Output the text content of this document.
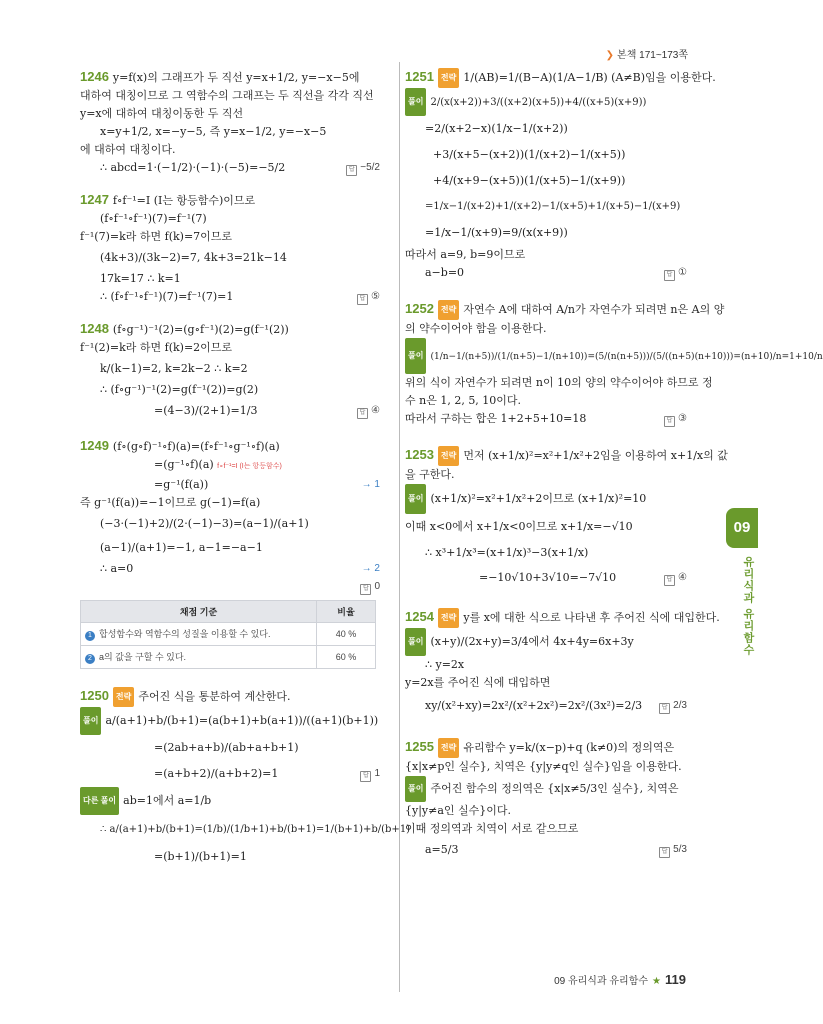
❯ 본책 171~173쪽
1246 y=f(x)의 그래프가 두 직선 y=x+1/2, y=−x−5에
대하여 대칭이므로 그 역함수의 그래프는 두 직선을 각각 직선
y=x에 대하여 대칭이동한 두 직선
x=y+1/2, x=−y−5, 즉 y=x−1/2, y=−x−5
에 대하여 대칭이다.
∴ abcd=1·(−1/2)·(−1)·(−5)=−5/2	답 −5/2
1247 f∘f⁻¹=I (I는 항등함수)이므로
(f∘f⁻¹∘f⁻¹)(7)=f⁻¹(7)
f⁻¹(7)=k라 하면 f(k)=7이므로
(4k+3)/(3k−2)=7, 4k+3=21k−14
17k=17 ∴ k=1
∴ (f∘f⁻¹∘f⁻¹)(7)=f⁻¹(7)=1	답 ⑤
1248 (f∘g⁻¹)⁻¹(2)=(g∘f⁻¹)(2)=g(f⁻¹(2))
f⁻¹(2)=k라 하면 f(k)=2이므로
k/(k−1)=2, k=2k−2 ∴ k=2
∴ (f∘g⁻¹)⁻¹(2)=g(f⁻¹(2))=g(2)
=(4−3)/(2+1)=1/3	답 ④
1249 (f∘(g∘f)⁻¹∘f)(a)=(f∘f⁻¹∘g⁻¹∘f)(a)
=(g⁻¹∘f)(a) f∘f⁻¹=I (I는 항등함수)
=g⁻¹(f(a))	→ 1
즉 g⁻¹(f(a))=−1이므로 g(−1)=f(a)
(−3·(−1)+2)/(2·(−1)−3)=(a−1)/(a+1)
(a−1)/(a+1)=−1, a−1=−a−1
∴ a=0	→ 2
답 0
채점 기준	비율
1 합성함수와 역함수의 성질을 이용할 수 있다.	40 %
2 a의 값을 구할 수 있다.	60 %
1250 전략 주어진 식을 통분하여 계산한다.
풀이 a/(a+1)+b/(b+1)=(a(b+1)+b(a+1))/((a+1)(b+1))
=(2ab+a+b)/(ab+a+b+1)
=(a+b+2)/(a+b+2)=1	답 1
다른 풀이 ab=1에서 a=1/b
∴ a/(a+1)+b/(b+1)=(1/b)/(1/b+1)+b/(b+1)=1/(b+1)+b/(b+1)
=(b+1)/(b+1)=1
1251 전략 1/(AB)=1/(B−A)(1/A−1/B) (A≠B)임을 이용한다.
풀이 2/(x(x+2))+3/((x+2)(x+5))+4/((x+5)(x+9))
=2/(x+2−x)(1/x−1/(x+2))
+3/(x+5−(x+2))(1/(x+2)−1/(x+5))
+4/(x+9−(x+5))(1/(x+5)−1/(x+9))
=1/x−1/(x+2)+1/(x+2)−1/(x+5)+1/(x+5)−1/(x+9)
=1/x−1/(x+9)=9/(x(x+9))
따라서 a=9, b=9이므로
a−b=0	답 ①
1252 전략 자연수 A에 대하여 A/n가 자연수가 되려면 n은 A의 양
의 약수이어야 함을 이용한다.
풀이 (1/n−1/(n+5))/(1/(n+5)−1/(n+10))=(5/(n(n+5)))/(5/((n+5)(n+10)))=(n+10)/n=1+10/n
위의 식이 자연수가 되려면 n이 10의 양의 약수이어야 하므로 정
수 n은 1, 2, 5, 10이다.
따라서 구하는 합은 1+2+5+10=18	답 ③
1253 전략 먼저 (x+1/x)²=x²+1/x²+2임을 이용하여 x+1/x의 값
을 구한다.
풀이 (x+1/x)²=x²+1/x²+2이므로 (x+1/x)²=10
이때 x<0에서 x+1/x<0이므로 x+1/x=−√10
∴ x³+1/x³=(x+1/x)³−3(x+1/x)
=−10√10+3√10=−7√10	답 ④
1254 전략 y를 x에 대한 식으로 나타낸 후 주어진 식에 대입한다.
풀이 (x+y)/(2x+y)=3/4에서 4x+4y=6x+3y
∴ y=2x
y=2x를 주어진 식에 대입하면
xy/(x²+xy)=2x²/(x²+2x²)=2x²/(3x²)=2/3	답 2/3
1255 전략 유리함수 y=k/(x−p)+q (k≠0)의 정의역은
{x|x≠p인 실수}, 치역은 {y|y≠q인 실수}임을 이용한다.
풀이 주어진 함수의 정의역은 {x|x≠5/3인 실수}, 치역은
{y|y≠a인 실수}이다.
이때 정의역과 치역이 서로 같으므로
a=5/3	답 5/3
09
유리식과 유리함수
09 유리식과 유리함수 ★ 119
